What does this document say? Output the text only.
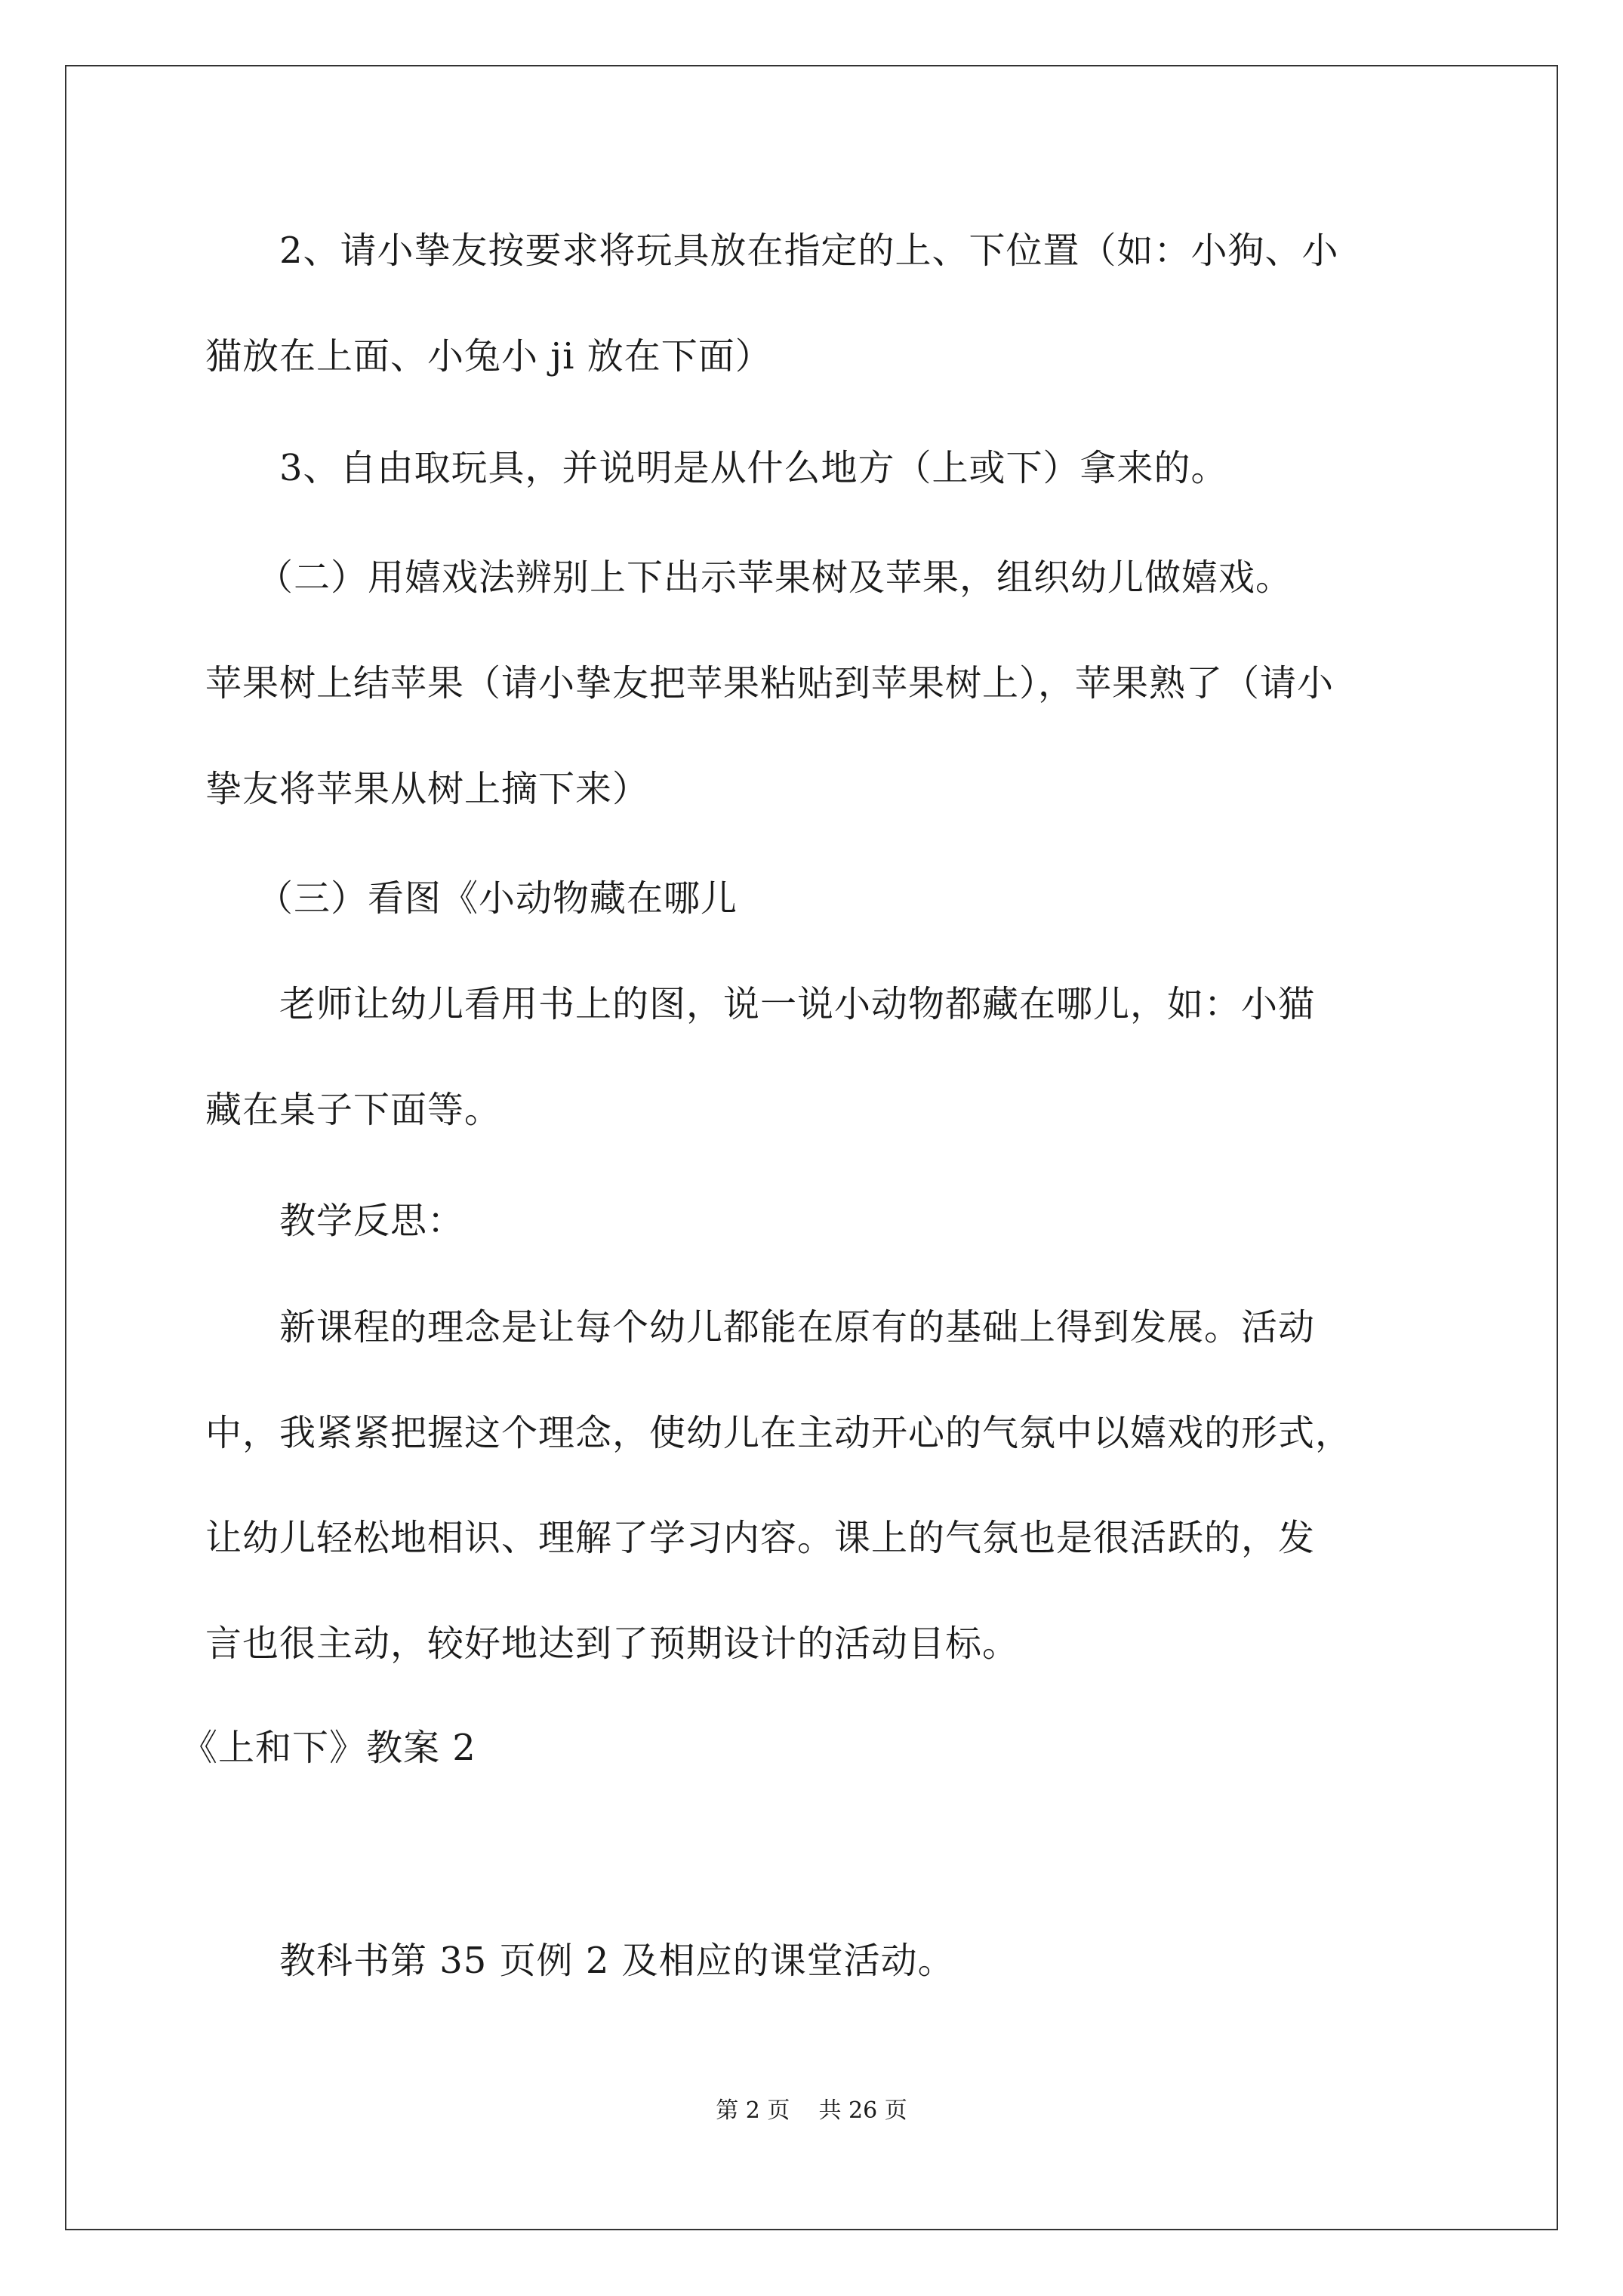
2、请小挚友按要求将玩具放在指定的上、下位置（如：小狗、小
猫放在上面、小兔小 ji 放在下面）
3、自由取玩具，并说明是从什么地方（上或下）拿来的。
（二）用嬉戏法辨别上下出示苹果树及苹果，组织幼儿做嬉戏。
苹果树上结苹果（请小挚友把苹果粘贴到苹果树上），苹果熟了（请小
挚友将苹果从树上摘下来）
（三）看图《小动物藏在哪儿
老师让幼儿看用书上的图，说一说小动物都藏在哪儿，如：小猫
藏在桌子下面等。
教学反思：
新课程的理念是让每个幼儿都能在原有的基础上得到发展。活动
中，我紧紧把握这个理念，使幼儿在主动开心的气氛中以嬉戏的形式，
让幼儿轻松地相识、理解了学习内容。课上的气氛也是很活跃的，发
言也很主动，较好地达到了预期设计的活动目标。
《上和下》教案 2
教科书第 35 页例 2 及相应的课堂活动。
第 2 页    共 26 页
